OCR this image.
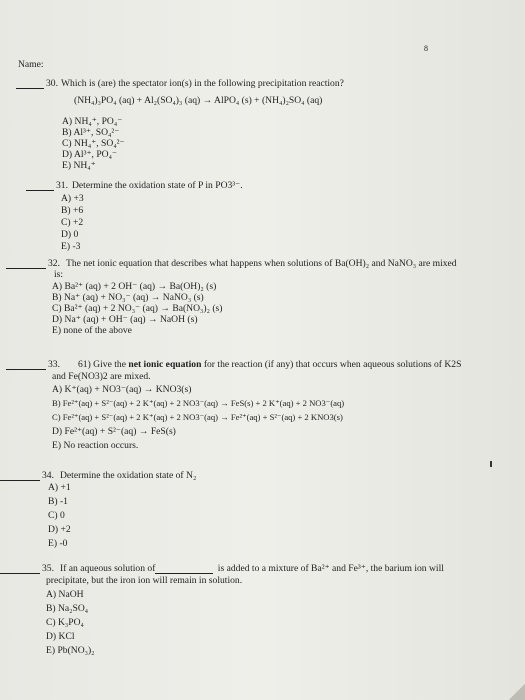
8
Name:
30. Which is (are) the spectator ion(s) in the following precipitation reaction?
(NH₄)₃PO₄ (aq) + Al₂(SO₄)₃ (aq) → AlPO₄ (s) + (NH₄)₂SO₄ (aq)
A) NH₄⁺, PO₄⁻
B) Al³⁺, SO₄²⁻
C) NH₄⁺, SO₄²⁻
D) Al³⁺, PO₄⁻
E) NH₄⁺
31. Determine the oxidation state of P in PO3³⁻.
A) +3
B) +6
C) +2
D) 0
E) -3
32. The net ionic equation that describes what happens when solutions of Ba(OH)₂ and NaNO₃ are mixed
is:
A) Ba²⁺ (aq) + 2 OH⁻ (aq) → Ba(OH)₂ (s)
B) Na⁺ (aq) + NO₃⁻ (aq) → NaNO₃ (s)
C) Ba²⁺ (aq) + 2 NO₃⁻ (aq) → Ba(NO₃)₂ (s)
D) Na⁺ (aq) + OH⁻ (aq) → NaOH (s)
E) none of the above
33. 61) Give the net ionic equation for the reaction (if any) that occurs when aqueous solutions of K2S
and Fe(NO3)2 are mixed.
A) K⁺(aq) + NO3⁻(aq) → KNO3(s)
B) Fe²⁺(aq) + S²⁻(aq) + 2 K⁺(aq) + 2 NO3⁻(aq) → FeS(s) + 2 K⁺(aq) + 2 NO3⁻(aq)
C) Fe²⁺(aq) + S²⁻(aq) + 2 K⁺(aq) + 2 NO3⁻(aq) → Fe²⁺(aq) + S²⁻(aq) + 2 KNO3(s)
D) Fe²⁺(aq) + S²⁻(aq) → FeS(s)
E) No reaction occurs.
34. Determine the oxidation state of N₂
A) +1
B) -1
C) 0
D) +2
E) -0
35. If an aqueous solution of	is added to a mixture of Ba²⁺ and Fe³⁺, the barium ion will
precipitate, but the iron ion will remain in solution.
A) NaOH
B) Na₂SO₄
C) K₃PO₄
D) KCl
E) Pb(NO₃)₂
